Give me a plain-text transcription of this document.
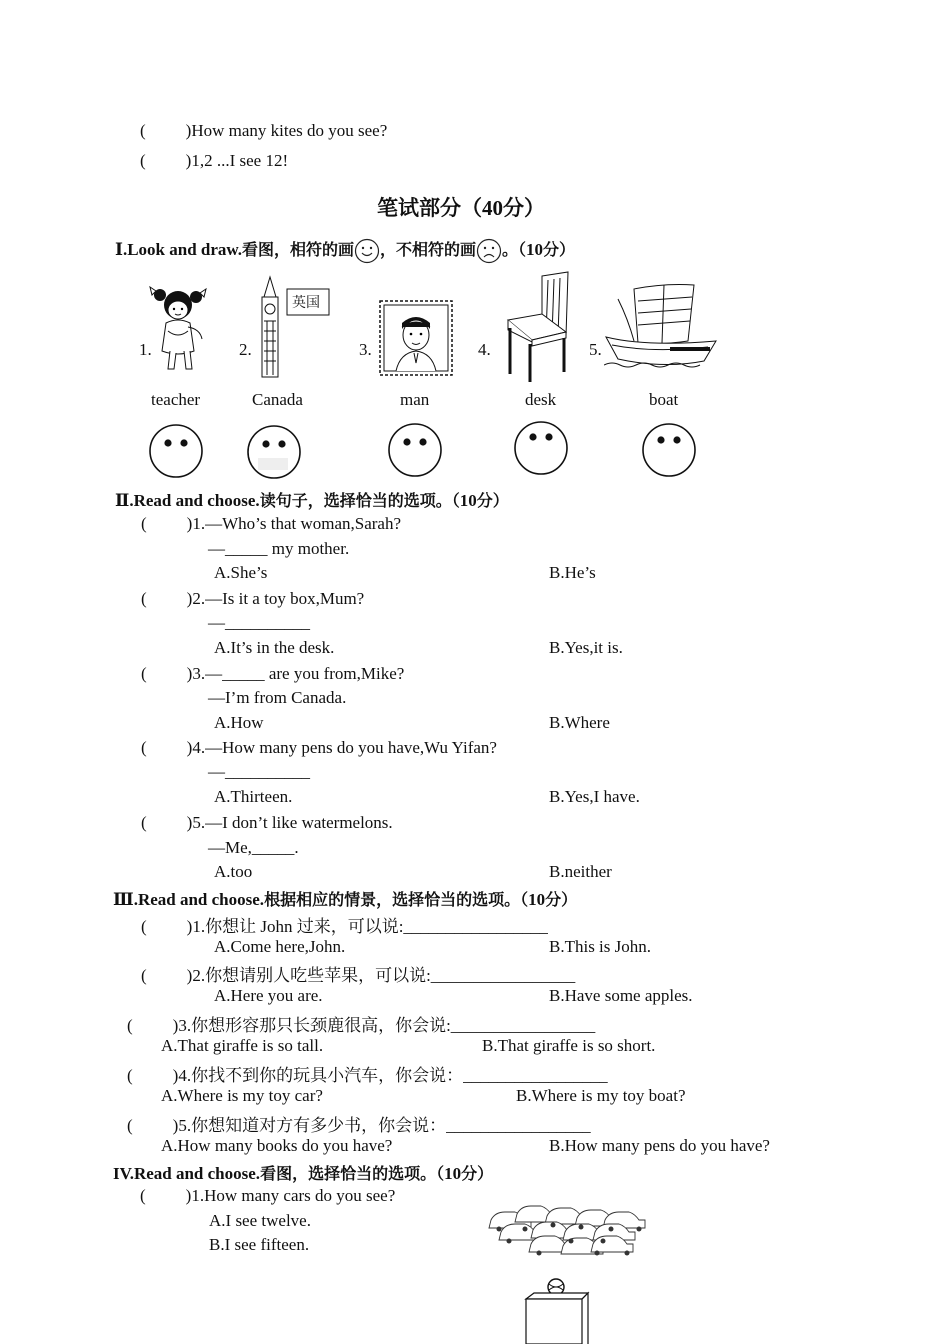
( )How many kites do you see?
( )1,2 ...I see 12!
笔试部分（40分）
Ⅰ.Look and draw.看图，相符的画 ，不相符的画 。（10分）
1.	2.	3.	4.	5.
英国
teacher	Canada	man	desk	boat
Ⅱ.Read and choose.读句子，选择恰当的选项。（10分）
( )1.—Who’s that woman,Sarah?
—_____ my mother.
A.She’s	B.He’s
( )2.—Is it a toy box,Mum?
—__________
A.It’s in the desk.	B.Yes,it is.
( )3.—_____ are you from,Mike?
—I’m from Canada.
A.How	B.Where
( )4.—How many pens do you have,Wu Yifan?
—__________
A.Thirteen.	B.Yes,I have.
( )5.—I don’t like watermelons.
—Me,_____.
A.too	B.neither
Ⅲ.Read and choose.根据相应的情景，选择恰当的选项。（10分）
( )1.你想让 John 过来，可以说:_________________
A.Come here,John.	B.This is John.
( )2.你想请别人吃些苹果，可以说:_________________
A.Here you are.	B.Have some apples.
( )3.你想形容那只长颈鹿很高，你会说:_________________
A.That giraffe is so tall.	B.That giraffe is so short.
( )4.你找不到你的玩具小汽车，你会说：_________________
A.Where is my toy car?	B.Where is my toy boat?
( )5.你想知道对方有多少书，你会说：_________________
A.How many books do you have?	B.How many pens do you have?
IV.Read and choose.看图，选择恰当的选项。（10分）
( )1.How many cars do you see?
A.I see twelve.
B.I see fifteen.
